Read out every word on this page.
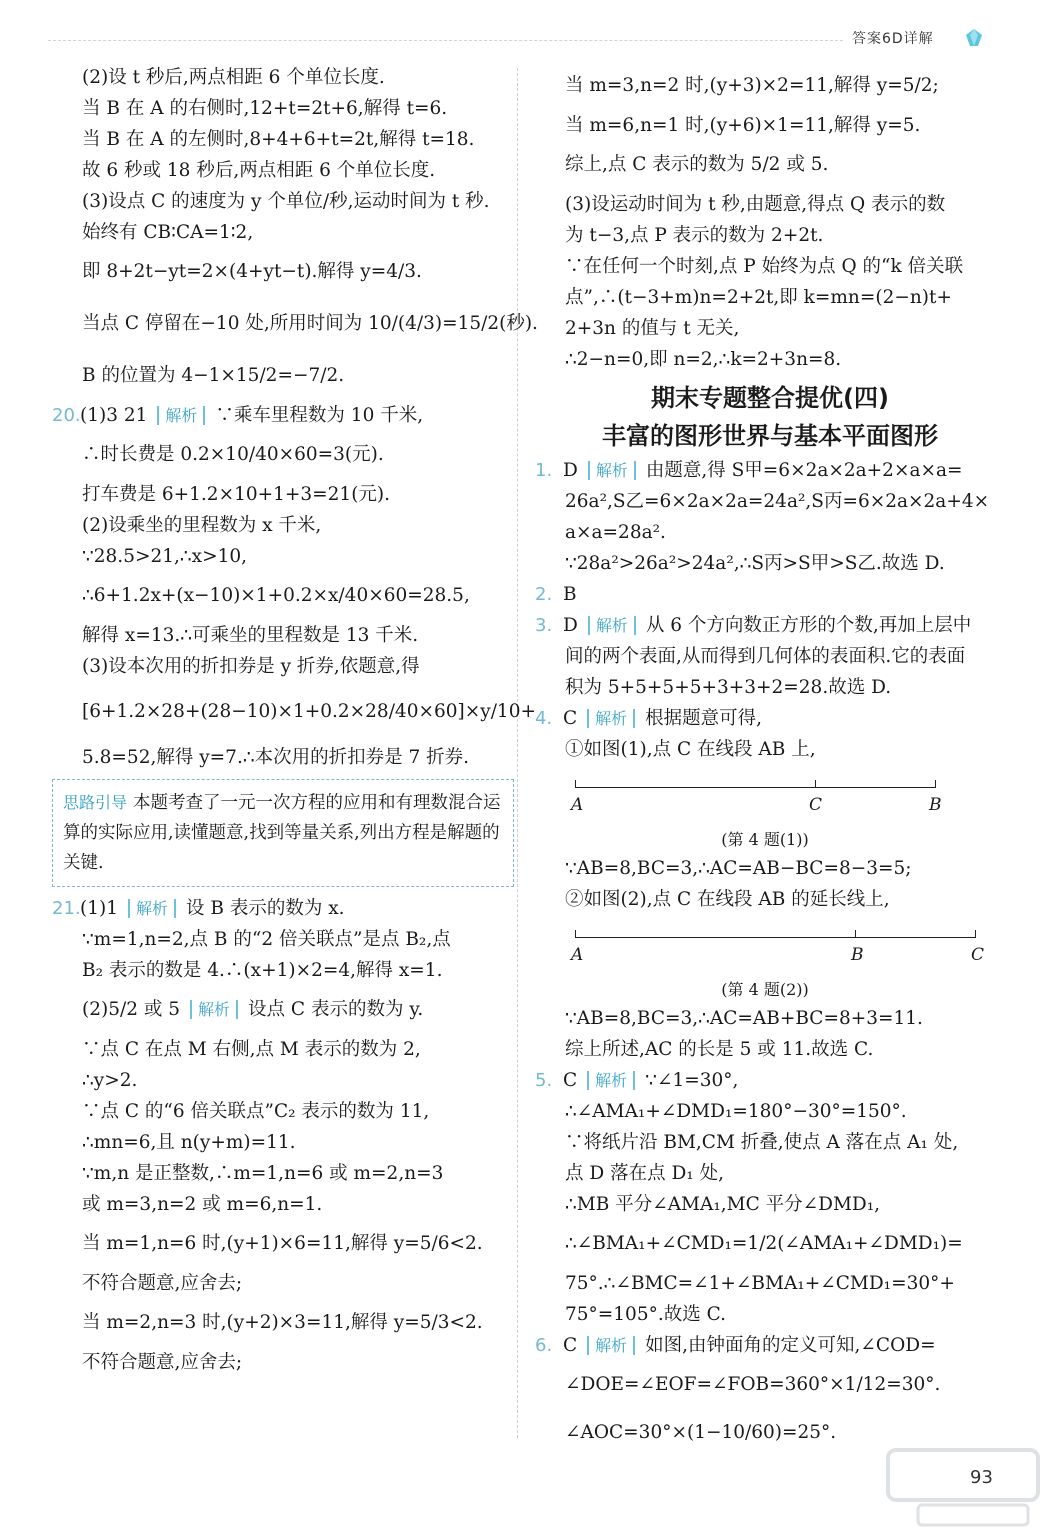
答案6D详解
(2)设 t 秒后,两点相距 6 个单位长度.
当 B 在 A 的右侧时,12+t=2t+6,解得 t=6.
当 B 在 A 的左侧时,8+4+6+t=2t,解得 t=18.
故 6 秒或 18 秒后,两点相距 6 个单位长度.
(3)设点 C 的速度为 y 个单位/秒,运动时间为 t 秒.
始终有 CB∶CA=1∶2,
即 8+2t−yt=2×(4+yt−t).解得 y=4/3.
当点 C 停留在−10 处,所用时间为 10/(4/3)=15/2(秒).
B 的位置为 4−1×15/2=−7/2.
20.(1)3 21 解析 ∵乘车里程数为 10 千米,
∴时长费是 0.2×10/40×60=3(元).
打车费是 6+1.2×10+1+3=21(元).
(2)设乘坐的里程数为 x 千米,
∵28.5>21,∴x>10,
∴6+1.2x+(x−10)×1+0.2×x/40×60=28.5,
解得 x=13.∴可乘坐的里程数是 13 千米.
(3)设本次用的折扣券是 y 折券,依题意,得
[6+1.2×28+(28−10)×1+0.2×28/40×60]×y/10+
5.8=52,解得 y=7.∴本次用的折扣券是 7 折券.
思路引导 本题考查了一元一次方程的应用和有理数混合运算的实际应用,读懂题意,找到等量关系,列出方程是解题的关键.
21.(1)1 解析 设 B 表示的数为 x.
∵m=1,n=2,点 B 的“2 倍关联点”是点 B₂,点
B₂ 表示的数是 4.∴(x+1)×2=4,解得 x=1.
(2)5/2 或 5 解析 设点 C 表示的数为 y.
∵点 C 在点 M 右侧,点 M 表示的数为 2,
∴y>2.
∵点 C 的“6 倍关联点”C₂ 表示的数为 11,
∴mn=6,且 n(y+m)=11.
∵m,n 是正整数,∴m=1,n=6 或 m=2,n=3
或 m=3,n=2 或 m=6,n=1.
当 m=1,n=6 时,(y+1)×6=11,解得 y=5/6<2.
不符合题意,应舍去;
当 m=2,n=3 时,(y+2)×3=11,解得 y=5/3<2.
不符合题意,应舍去;
当 m=3,n=2 时,(y+3)×2=11,解得 y=5/2;
当 m=6,n=1 时,(y+6)×1=11,解得 y=5.
综上,点 C 表示的数为 5/2 或 5.
(3)设运动时间为 t 秒,由题意,得点 Q 表示的数
为 t−3,点 P 表示的数为 2+2t.
∵在任何一个时刻,点 P 始终为点 Q 的“k 倍关联
点”,∴(t−3+m)n=2+2t,即 k=mn=(2−n)t+
2+3n 的值与 t 无关,
∴2−n=0,即 n=2,∴k=2+3n=8.
期末专题整合提优(四)
丰富的图形世界与基本平面图形
1. D 解析 由题意,得 S甲=6×2a×2a+2×a×a=
26a²,S乙=6×2a×2a=24a²,S丙=6×2a×2a+4×
a×a=28a².
∵28a²>26a²>24a²,∴S丙>S甲>S乙.故选 D.
2. B
3. D 解析 从 6 个方向数正方形的个数,再加上层中
间的两个表面,从而得到几何体的表面积.它的表面
积为 5+5+5+5+3+3+2=28.故选 D.
4. C 解析 根据题意可得,
①如图(1),点 C 在线段 AB 上,
A	C	B
(第 4 题(1))
∵AB=8,BC=3,∴AC=AB−BC=8−3=5;
②如图(2),点 C 在线段 AB 的延长线上,
A	B	C
(第 4 题(2))
∵AB=8,BC=3,∴AC=AB+BC=8+3=11.
综上所述,AC 的长是 5 或 11.故选 C.
5. C 解析 ∵∠1=30°,
∴∠AMA₁+∠DMD₁=180°−30°=150°.
∵将纸片沿 BM,CM 折叠,使点 A 落在点 A₁ 处,
点 D 落在点 D₁ 处,
∴MB 平分∠AMA₁,MC 平分∠DMD₁,
∴∠BMA₁+∠CMD₁=1/2(∠AMA₁+∠DMD₁)=
75°.∴∠BMC=∠1+∠BMA₁+∠CMD₁=30°+
75°=105°.故选 C.
6. C 解析 如图,由钟面角的定义可知,∠COD=
∠DOE=∠EOF=∠FOB=360°×1/12=30°.
∠AOC=30°×(1−10/60)=25°.
93
